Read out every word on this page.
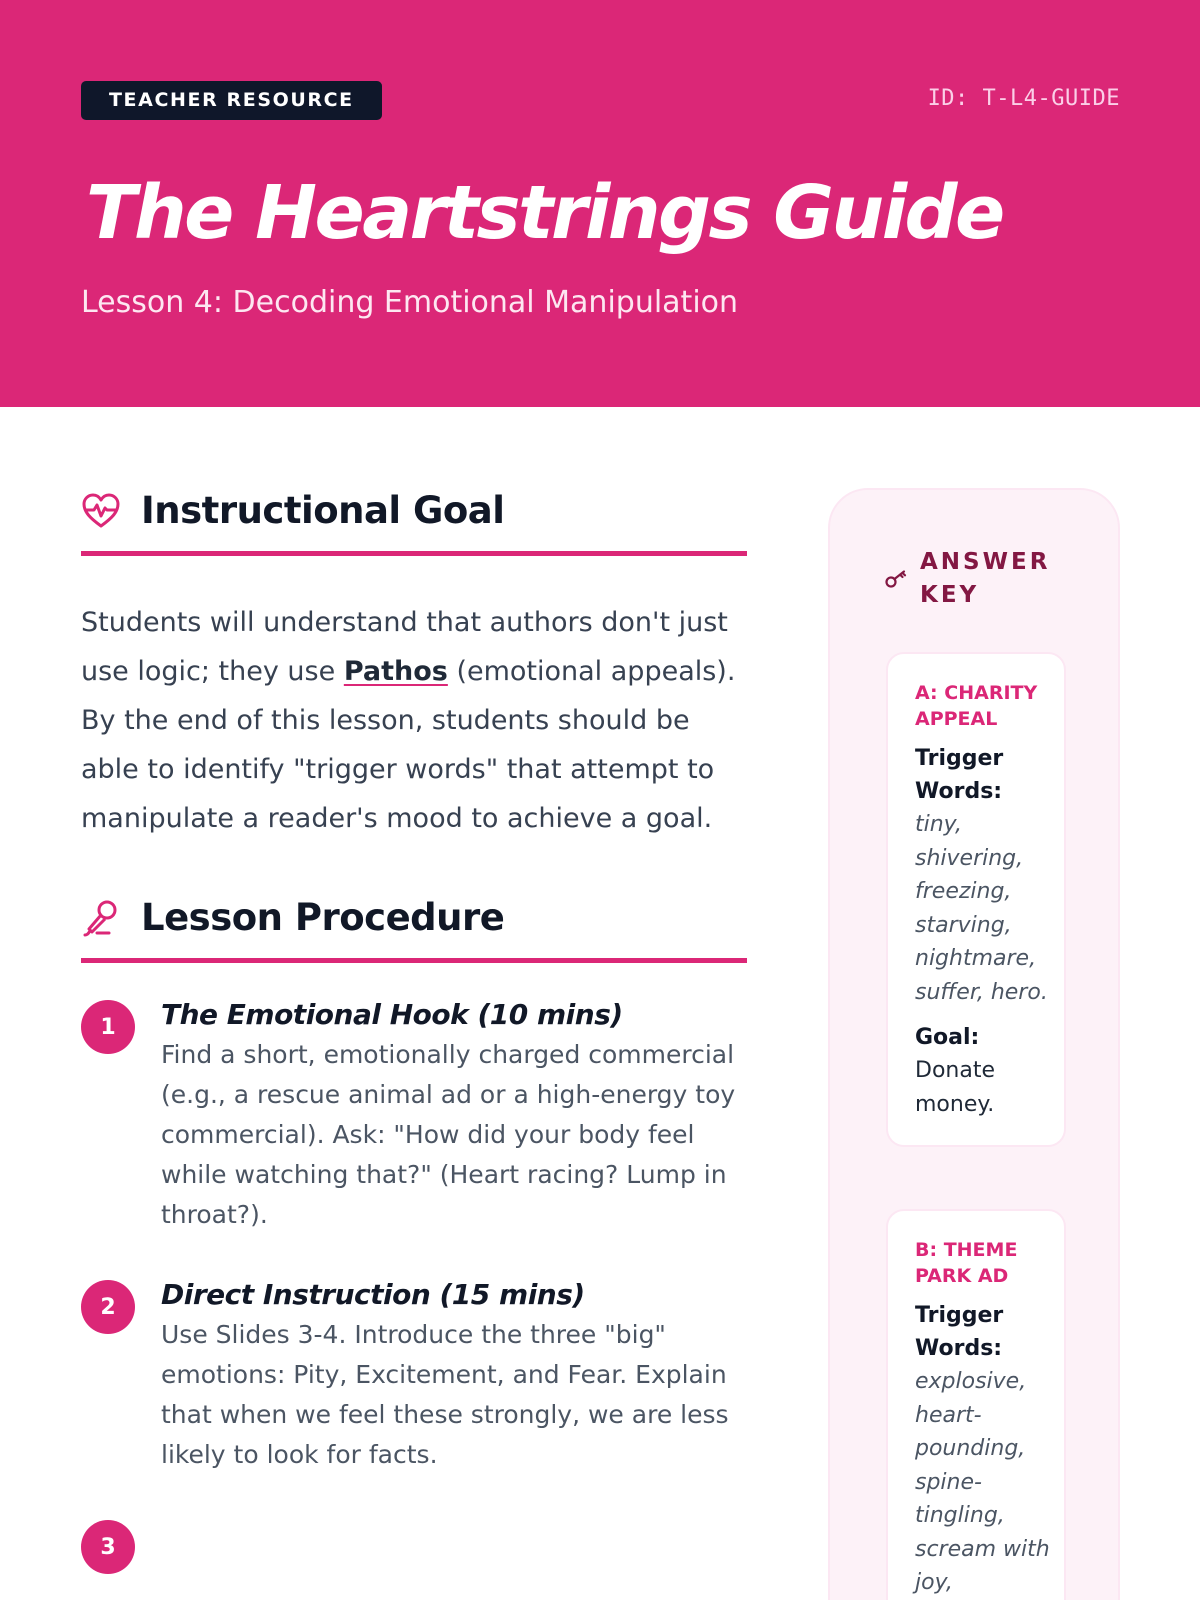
TEACHER RESOURCE	ID: T-L4-GUIDE
The Heartstrings Guide
Lesson 4: Decoding Emotional Manipulation
Instructional Goal

Students will understand that authors don't just use logic; they use Pathos (emotional appeals). By the end of this lesson, students should be able to identify "trigger words" that attempt to manipulate a reader's mood to achieve a goal.

Lesson Procedure
1	The Emotional Hook (10 mins)
Find a short, emotionally charged commercial (e.g., a rescue animal ad or a high-energy toy commercial). Ask: "How did your body feel while watching that?" (Heart racing? Lump in throat?).
2	Direct Instruction (15 mins)
Use Slides 3-4. Introduce the three "big" emotions: Pity, Excitement, and Fear. Explain that when we feel these strongly, we are less likely to look for facts.
3
ANSWER KEY
A: CHARITY APPEAL
Trigger Words:
tiny, shivering, freezing, starving, nightmare, suffer, hero.
Goal:
Donate money.
B: THEME PARK AD
Trigger Words:
explosive, heart-pounding, spine-tingling, scream with joy,
